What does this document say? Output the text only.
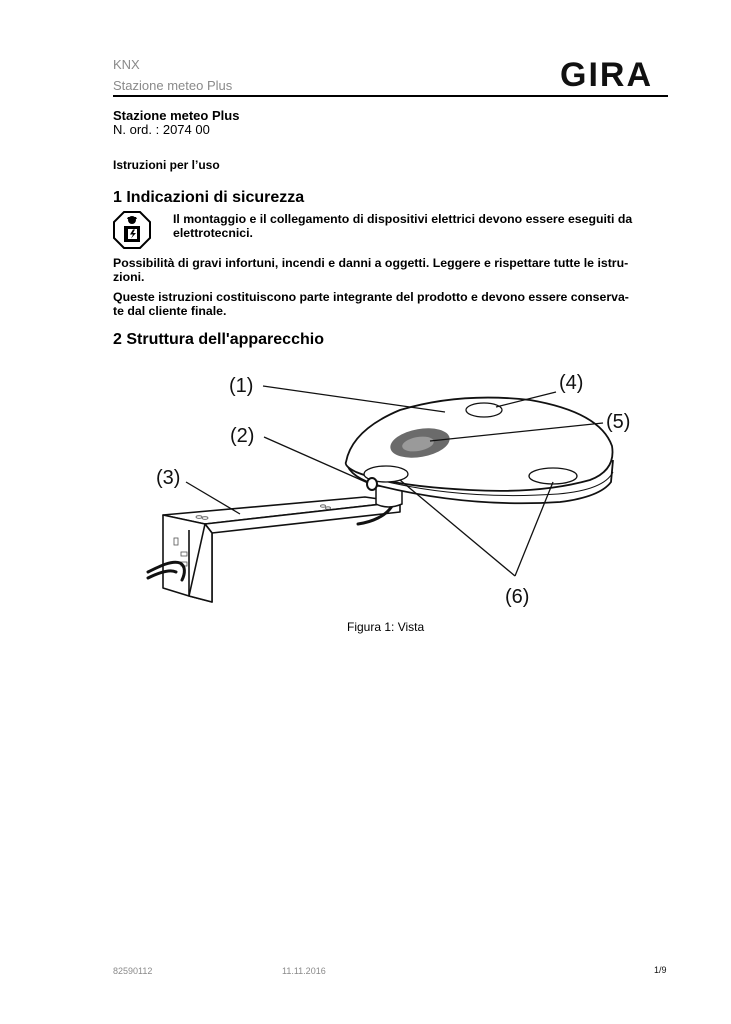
KNX
Stazione meteo Plus	GIRA
Stazione meteo Plus
N. ord. : 2074 00
Istruzioni per l’uso
1 Indicazioni di sicurezza
Il montaggio e il collegamento di dispositivi elettrici devono essere eseguiti da
elettrotecnici.
Possibilità di gravi infortuni, incendi e danni a oggetti. Leggere e rispettare tutte le istru-
zioni.
Queste istruzioni costituiscono parte integrante del prodotto e devono essere conserva-
te dal cliente finale.
2 Struttura dell'apparecchio
(1)
(2)
(3)
(4)
(5)
(6)
Figura 1: Vista
82590112	11.11.2016	1/9
